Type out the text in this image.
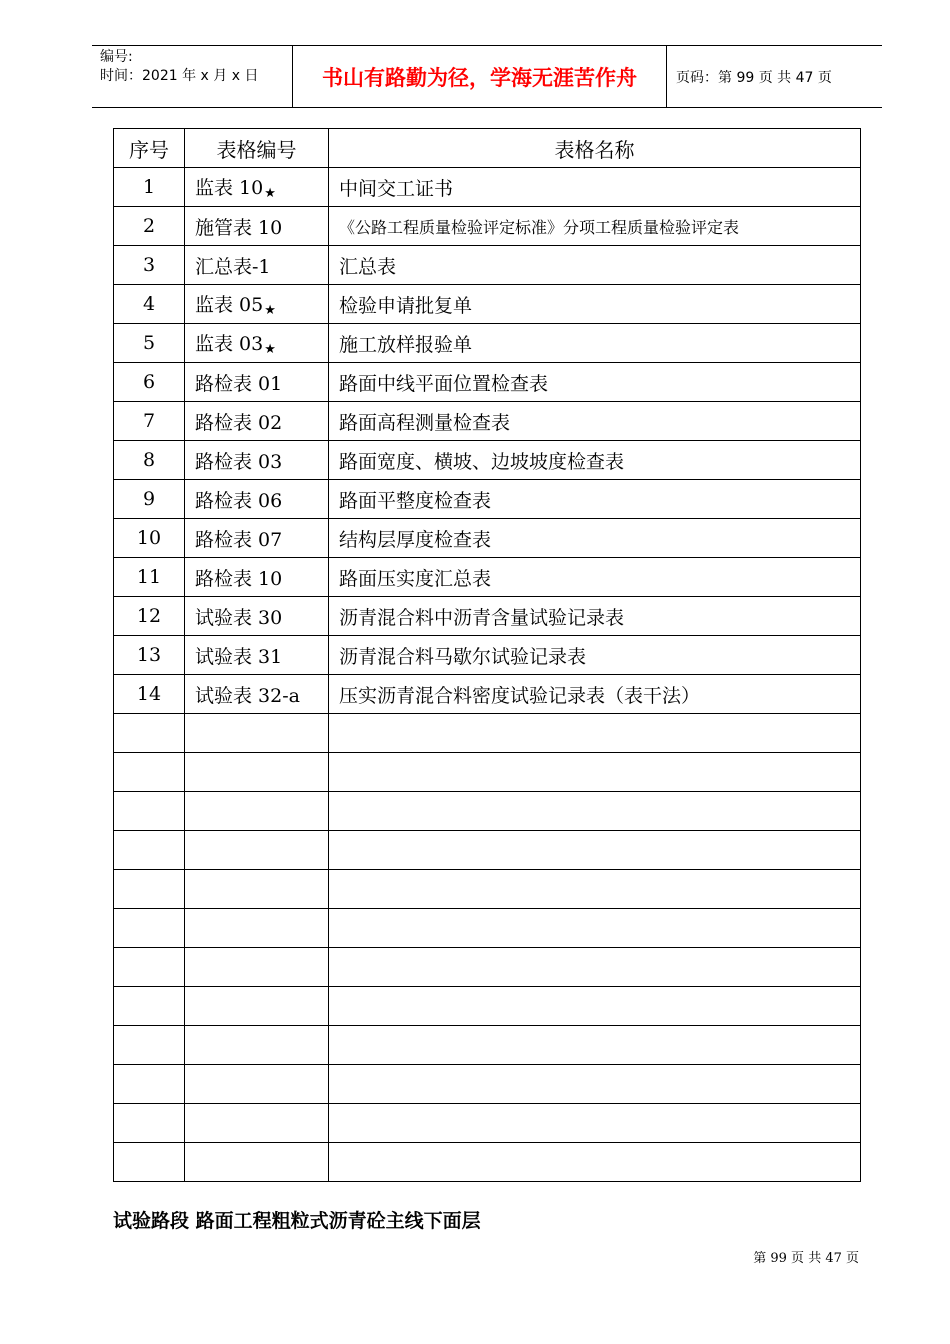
编号:
时间：2021 年 x 月 x 日	书山有路勤为径，学海无涯苦作舟	页码：第 99 页 共 47 页
序号	表格编号	表格名称
1	监表 10★	中间交工证书
2	施管表 10	《公路工程质量检验评定标准》分项工程质量检验评定表
3	汇总表-1	汇总表
4	监表 05★	检验申请批复单
5	监表 03★	施工放样报验单
6	路检表 01	路面中线平面位置检查表
7	路检表 02	路面高程测量检查表
8	路检表 03	路面宽度、横坡、边坡坡度检查表
9	路检表 06	路面平整度检查表
10	路检表 07	结构层厚度检查表
11	路检表 10	路面压实度汇总表
12	试验表 30	沥青混合料中沥青含量试验记录表
13	试验表 31	沥青混合料马歇尔试验记录表
14	试验表 32-a	压实沥青混合料密度试验记录表（表干法）

试验路段 路面工程粗粒式沥青砼主线下面层
第 99 页 共 47 页
